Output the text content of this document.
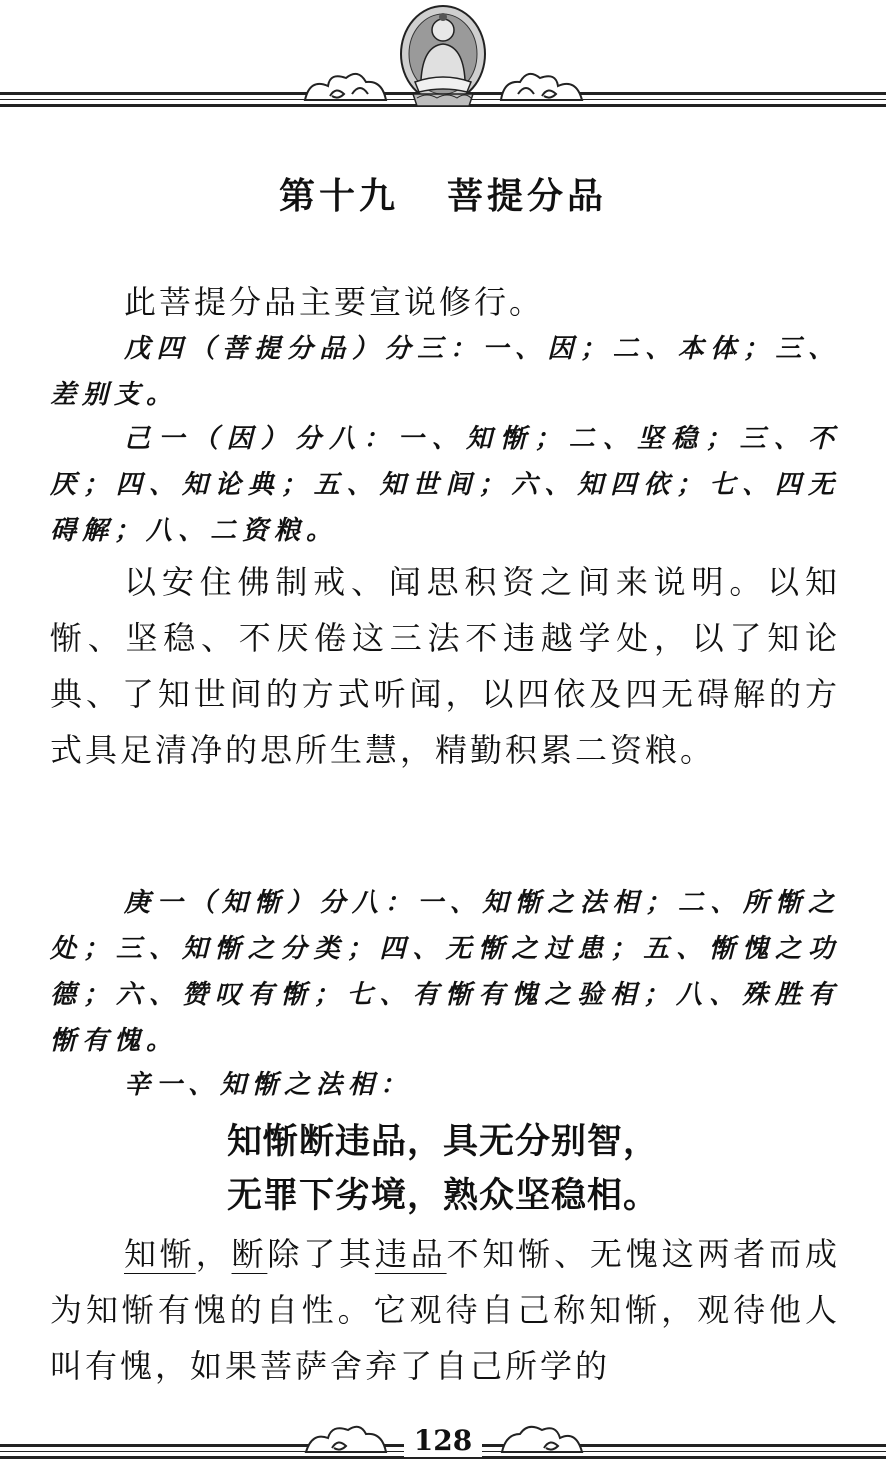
第十九 菩提分品

此菩提分品主要宣说修行。

戊四（菩提分品）分三：一、因；二、本体；三、差别支。

己一（因）分八：一、知惭；二、坚稳；三、不厌；四、知论典；五、知世间；六、知四依；七、四无碍解；八、二资粮。

以安住佛制戒、闻思积资之间来说明。以知惭、坚稳、不厌倦这三法不违越学处，以了知论典、了知世间的方式听闻，以四依及四无碍解的方式具足清净的思所生慧，精勤积累二资粮。

庚一（知惭）分八：一、知惭之法相；二、所惭之处；三、知惭之分类；四、无惭之过患；五、惭愧之功德；六、赞叹有惭；七、有惭有愧之验相；八、殊胜有惭有愧。

辛一、知惭之法相：

知惭断违品，具无分别智，
无罪下劣境，熟众坚稳相。

知惭，断除了其违品不知惭、无愧这两者而成为知惭有愧的自性。它观待自己称知惭，观待他人叫有愧，如果菩萨舍弃了自己所学的

128
